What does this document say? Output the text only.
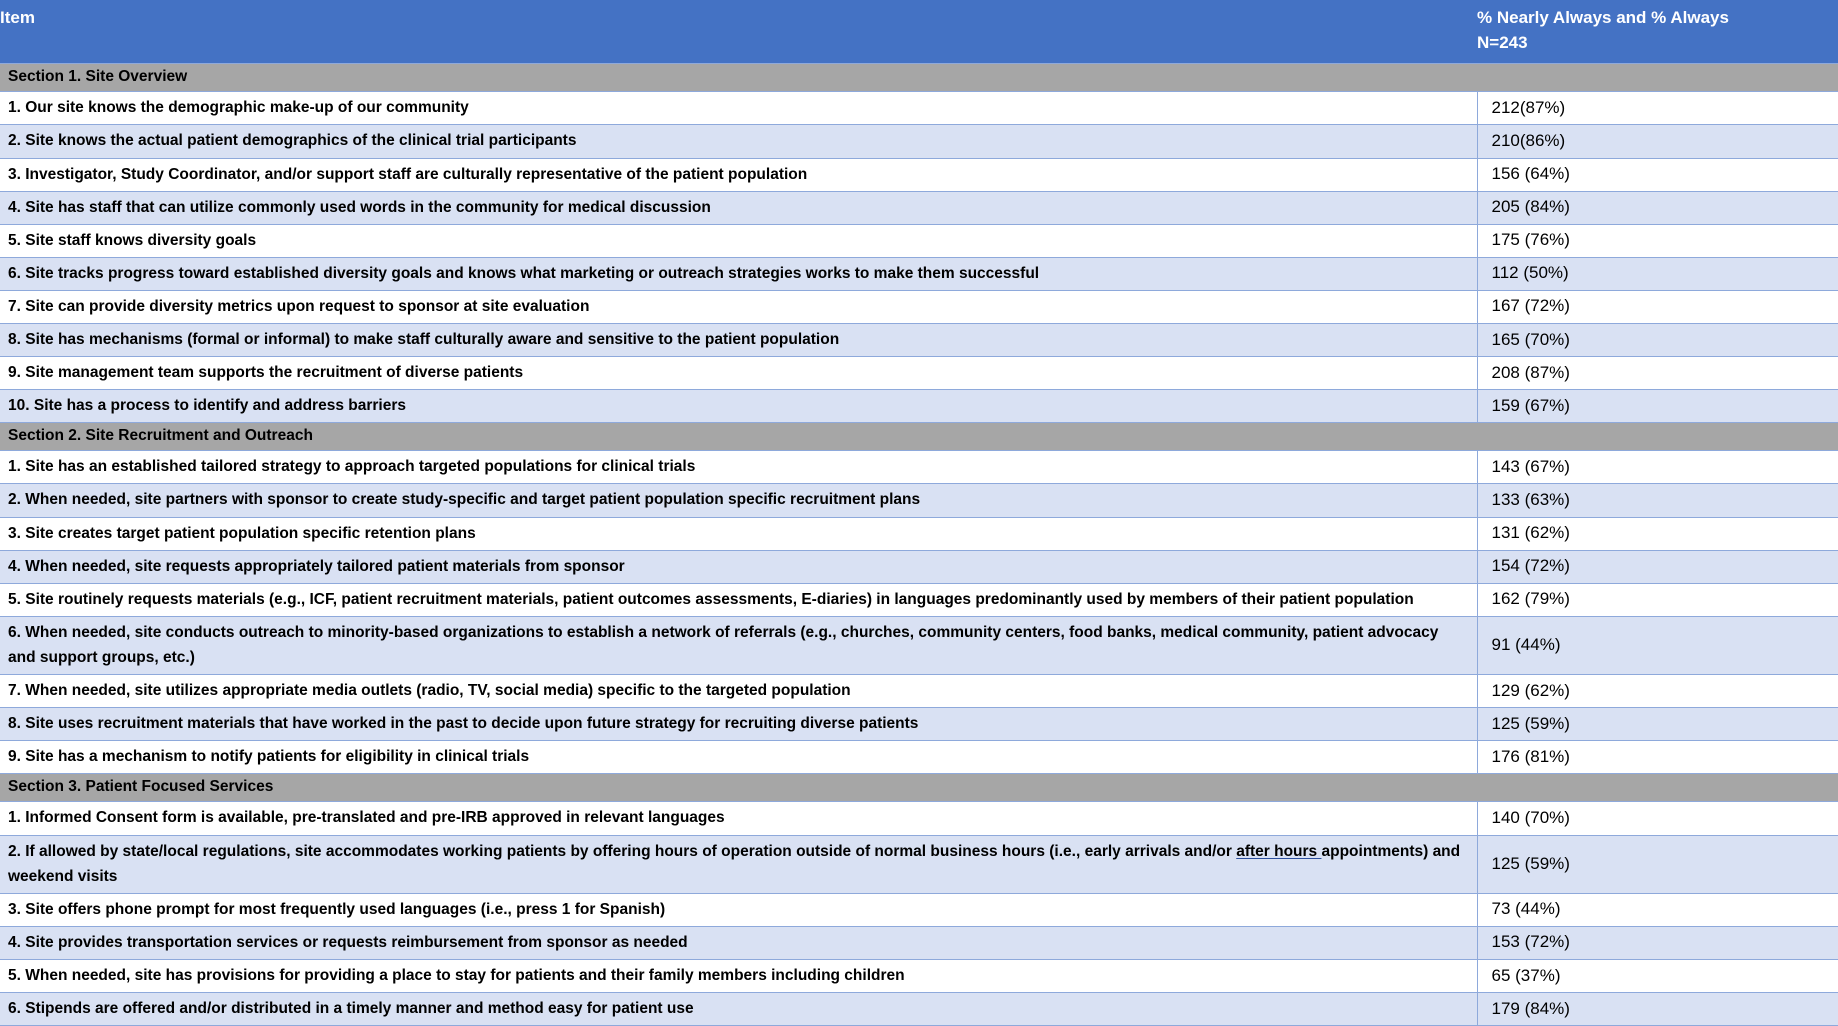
Item	% Nearly Always and % Always
N=243

Section 1. Site Overview	
1. Our site knows the demographic make-up of our community	212(87%)
2. Site knows the actual patient demographics of the clinical trial participants	210(86%)
3. Investigator, Study Coordinator, and/or support staff are culturally representative of the patient population	156 (64%)
4. Site has staff that can utilize commonly used words in the community for medical discussion	205 (84%)
5. Site staff knows diversity goals	175 (76%)
6. Site tracks progress toward established diversity goals and knows what marketing or outreach strategies works to make them successful	112 (50%)
7. Site can provide diversity metrics upon request to sponsor at site evaluation	167 (72%)
8. Site has mechanisms (formal or informal) to make staff culturally aware and sensitive to the patient population	165 (70%)
9. Site management team supports the recruitment of diverse patients	208 (87%)
10. Site has a process to identify and address barriers	159 (67%)
Section 2. Site Recruitment and Outreach	
1. Site has an established tailored strategy to approach targeted populations for clinical trials	143 (67%)
2. When needed, site partners with sponsor to create study-specific and target patient population specific recruitment plans	133 (63%)
3. Site creates target patient population specific retention plans	131 (62%)
4. When needed, site requests appropriately tailored patient materials from sponsor	154 (72%)
5. Site routinely requests materials (e.g., ICF, patient recruitment materials, patient outcomes assessments, E-diaries) in languages predominantly used by members of their patient population	162 (79%)
6. When needed, site conducts outreach to minority-based organizations to establish a network of referrals (e.g., churches, community centers, food banks, medical community, patient advocacy and support groups, etc.)	91 (44%)
7. When needed, site utilizes appropriate media outlets (radio, TV, social media) specific to the targeted population	129 (62%)
8. Site uses recruitment materials that have worked in the past to decide upon future strategy for recruiting diverse patients	125 (59%)
9. Site has a mechanism to notify patients for eligibility in clinical trials	176 (81%)
Section 3. Patient Focused Services	
1. Informed Consent form is available, pre-translated and pre-IRB approved in relevant languages	140 (70%)
2. If allowed by state/local regulations, site accommodates working patients by offering hours of operation outside of normal business hours (i.e., early arrivals and/or after hours appointments) and weekend visits	125 (59%)
3. Site offers phone prompt for most frequently used languages (i.e., press 1 for Spanish)	73 (44%)
4. Site provides transportation services or requests reimbursement from sponsor as needed	153 (72%)
5. When needed, site has provisions for providing a place to stay for patients and their family members including children	65 (37%)
6. Stipends are offered and/or distributed in a timely manner and method easy for patient use	179 (84%)
